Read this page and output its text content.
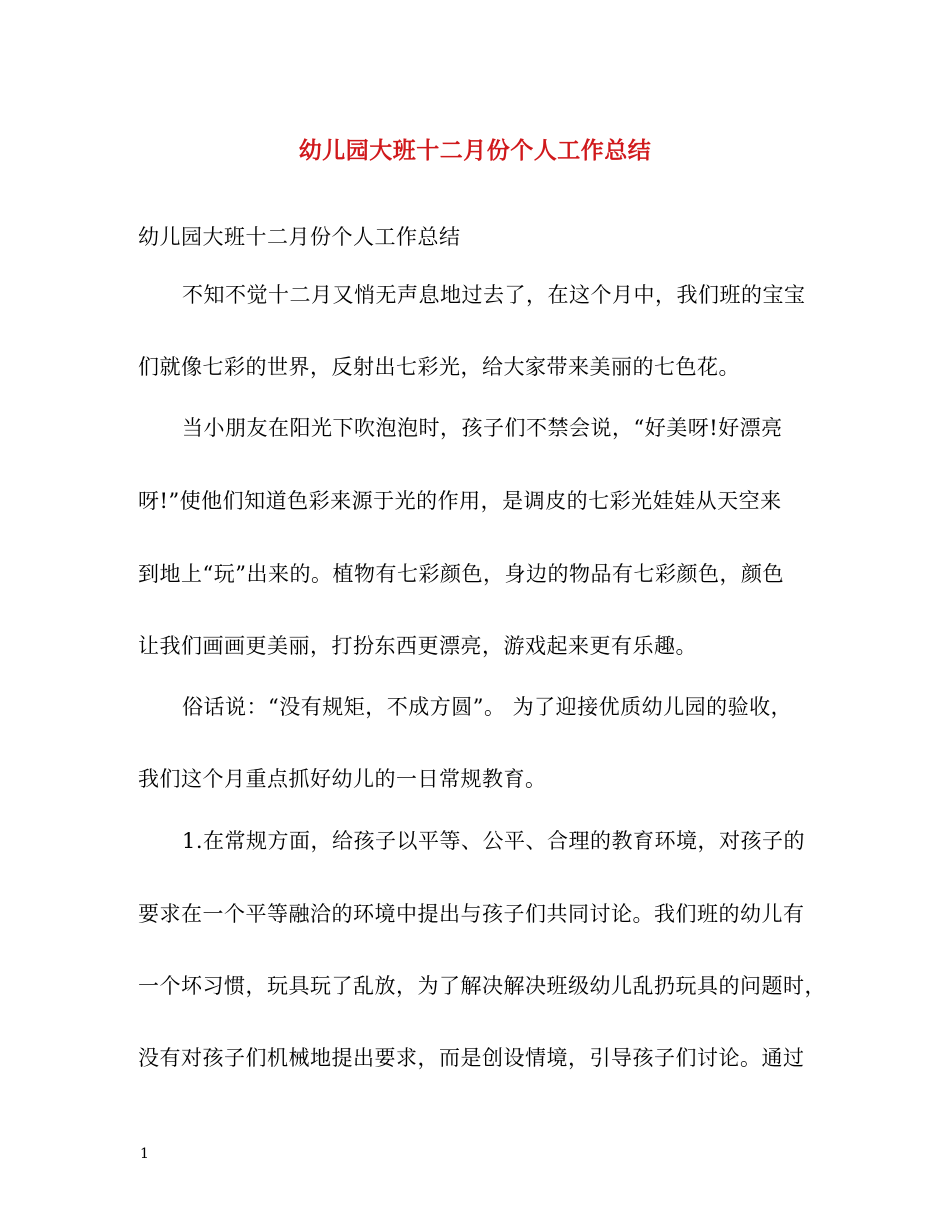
幼儿园大班十二月份个人工作总结
幼儿园大班十二月份个人工作总结
不知不觉十二月又悄无声息地过去了，在这个月中，我们班的宝宝
们就像七彩的世界，反射出七彩光，给大家带来美丽的七色花。
当小朋友在阳光下吹泡泡时，孩子们不禁会说，“好美呀!好漂亮
呀!”使他们知道色彩来源于光的作用，是调皮的七彩光娃娃从天空来
到地上“玩”出来的。植物有七彩颜色，身边的物品有七彩颜色，颜色
让我们画画更美丽，打扮东西更漂亮，游戏起来更有乐趣。
俗话说：“没有规矩，不成方圆”。 为了迎接优质幼儿园的验收，
我们这个月重点抓好幼儿的一日常规教育。
1.在常规方面，给孩子以平等、公平、合理的教育环境，对孩子的
要求在一个平等融洽的环境中提出与孩子们共同讨论。我们班的幼儿有
一个坏习惯，玩具玩了乱放，为了解决解决班级幼儿乱扔玩具的问题时，
没有对孩子们机械地提出要求，而是创设情境，引导孩子们讨论。通过
1
